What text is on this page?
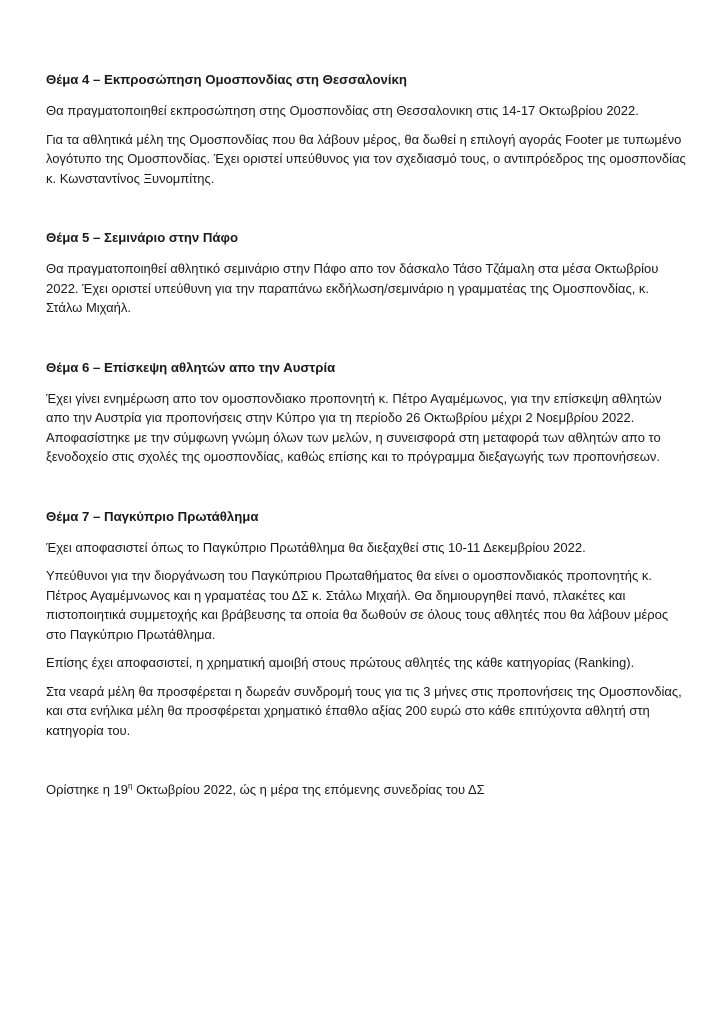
Θέμα 4 – Εκπροσώπηση Ομοσπονδίας στη Θεσσαλονίκη

Θα πραγματοποιηθεί εκπροσώπηση στης Ομοσπονδίας στη Θεσσαλονικη στις 14-17 Οκτωβρίου 2022.

Για τα αθλητικά μέλη της Ομοσπονδίας που θα λάβουν μέρος, θα δωθεί η επιλογή αγοράς Footer με τυπωμένο λογότυπο της Ομοσπονδίας. Έχει οριστεί υπεύθυνος για τον σχεδιασμό τους, ο αντιπρόεδρος της ομοσπονδίας κ. Κωνσταντίνος Ξυνομπίτης.

Θέμα 5 – Σεμινάριο στην Πάφο

Θα πραγματοποιηθεί αθλητικό σεμινάριο στην Πάφο απο τον δάσκαλο Τάσο Τζάμαλη στα μέσα Οκτωβρίου 2022. Έχει οριστεί υπεύθυνη για την παραπάνω εκδήλωση/σεμινάριο η γραμματέας της Ομοσπονδίας, κ. Στάλω Μιχαήλ.

Θέμα 6 – Επίσκεψη αθλητών απο την Αυστρία

Έχει γίνει ενημέρωση απο τον ομοσπονδιακο προπονητή κ. Πέτρο Αγαμέμωνος, για την επίσκεψη αθλητών απο την Αυστρία για προπονήσεις στην Κύπρο για τη περίοδο 26 Οκτωβρίου μέχρι 2 Νοεμβρίου 2022. Αποφασίστηκε με την σύμφωνη γνώμη όλων των μελών, η συνεισφορά στη μεταφορά των αθλητών απο το ξενοδοχείο στις σχολές της ομοσπονδίας, καθώς επίσης και το πρόγραμμα διεξαγωγής των προπονήσεων.

Θέμα 7 – Παγκύπριο Πρωτάθλημα

Έχει αποφασιστεί όπως το Παγκύπριο Πρωτάθλημα θα διεξαχθεί στις 10-11 Δεκεμβρίου 2022.

Υπεύθυνοι για την διοργάνωση του Παγκύπριου Πρωταθήματος θα είνει ο ομοσπονδιακός προπονητής κ. Πέτρος Αγαμέμνωνος και η γραματέας του ΔΣ κ. Στάλω Μιχαήλ. Θα δημιουργηθεί πανό, πλακέτες και πιστοποιητικά συμμετοχής και βράβευσης τα οποία θα δωθούν σε όλους τους αθλητές που θα λάβουν μέρος στο Παγκύπριο Πρωτάθλημα.

Επίσης έχει αποφασιστεί, η χρηματική αμοιβή στους πρώτους αθλητές της κάθε κατηγορίας (Ranking).

Στα νεαρά μέλη θα προσφέρεται η δωρεάν συνδρομή τους για τις 3 μήνες στις προπονήσεις της Ομοσπονδίας, και στα ενήλικα μέλη θα προσφέρεται χρηματικό έπαθλο αξίας 200 ευρώ στο κάθε επιτύχοντα αθλητή στη κατηγορία του.

Ορίστηκε η $19^\eta$ Οκτωβρίου 2022, ώς η μέρα της επόμενης συνεδρίας του ΔΣ
